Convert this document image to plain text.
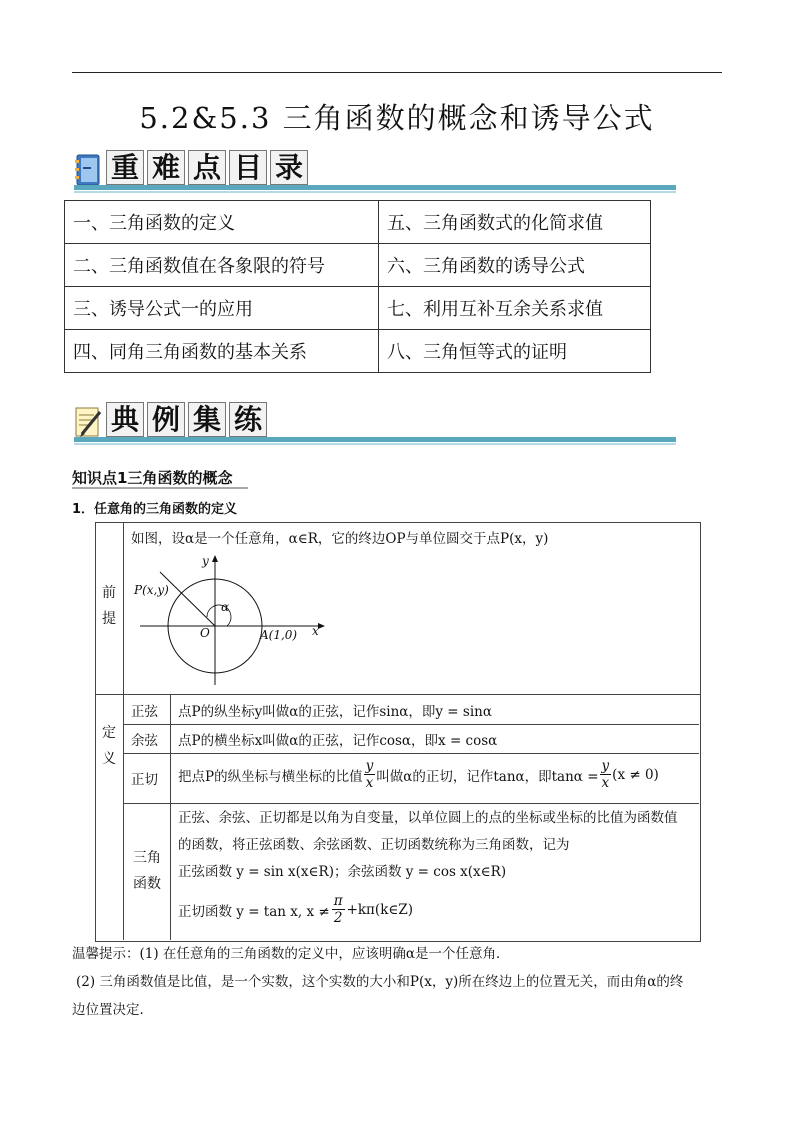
5.2&5.3 三角函数的概念和诱导公式
重 难 点 目 录
一、三角函数的定义	五、三角函数式的化简求值
二、三角函数值在各象限的符号	六、三角函数的诱导公式
三、诱导公式一的应用	七、利用互补互余关系求值
四、同角三角函数的基本关系	八、三角恒等式的证明
典 例 集 练
知识点1三角函数的概念
1．任意角的三角函数的定义
前提
如图，设α是一个任意角，α∈R，它的终边OP与单位圆交于点P(x，y)
P(x,y)
y
x
O
α
A(1,0)
定义
正弦 点P的纵坐标y叫做α的正弦，记作sinα，即y = sinα
余弦 点P的横坐标x叫做α的正弦，记作cosα，即x = cosα
正切 把点P的纵坐标与横坐标的比值 $\frac{y}{x}$ 叫做α的正切，记作tanα，即$\tan\alpha = \frac{y}{x} (x \ne 0)$
三角函数
正弦、余弦、正切都是以角为自变量，以单位圆上的点的坐标或坐标的比值为函数值
的函数，将正弦函数、余弦函数、正切函数统称为三角函数，记为
正弦函数 y = sin x(x∈R)；余弦函数 y = cos x(x∈R)
正切函数 y = tan x, $x \ne \frac{\pi}{2}$ +kπ(k∈Z)
温馨提示：(1) 在任意角的三角函数的定义中，应该明确α是一个任意角．
(2) 三角函数值是比值，是一个实数，这个实数的大小和P(x，y)所在终边上的位置无关，而由角α的终
边位置决定．
